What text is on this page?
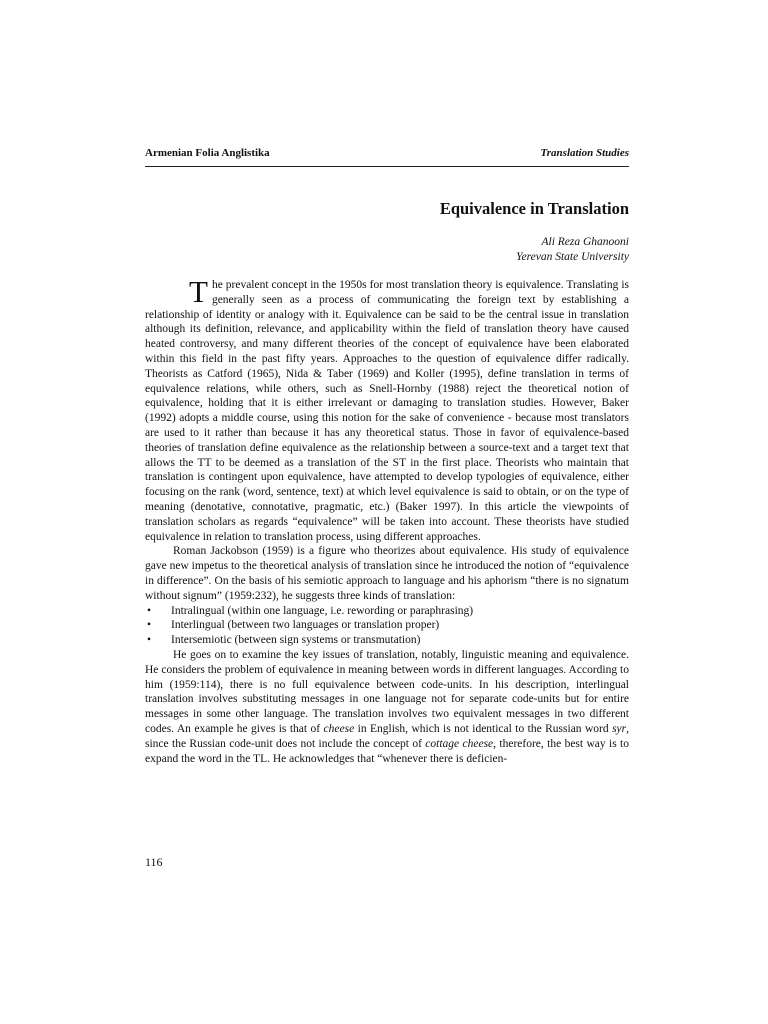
Armenian Folia Anglistika	Translation Studies
Equivalence in Translation
Ali Reza Ghanooni
Yerevan State University

The prevalent concept in the 1950s for most translation theory is equivalence. Translating is generally seen as a process of communicating the foreign text by establishing a relationship of identity or analogy with it. Equivalence can be said to be the central issue in translation although its definition, relevance, and applicability within the field of translation theory have caused heated controversy, and many different theories of the concept of equivalence have been elaborated within this field in the past fifty years. Approaches to the question of equivalence differ radically. Theorists as Catford (1965), Nida & Taber (1969) and Koller (1995), define translation in terms of equivalence relations, while others, such as Snell-Hornby (1988) reject the theoretical notion of equivalence, holding that it is either irrelevant or damaging to translation studies. However, Baker (1992) adopts a middle course, using this notion for the sake of convenience - because most translators are used to it rather than because it has any theoretical status. Those in favor of equivalence-based theories of translation define equivalence as the relationship between a source-text and a target text that allows the TT to be deemed as a translation of the ST in the first place. Theorists who maintain that translation is contingent upon equivalence, have attempted to develop typologies of equivalence, either focusing on the rank (word, sentence, text) at which level equivalence is said to obtain, or on the type of meaning (denotative, connotative, pragmatic, etc.) (Baker 1997). In this article the viewpoints of translation scholars as regards “equivalence” will be taken into account. These theorists have studied equivalence in relation to translation process, using different approaches.

Roman Jackobson (1959) is a figure who theorizes about equivalence. His study of equivalence gave new impetus to the theoretical analysis of translation since he introduced the notion of “equivalence in difference”. On the basis of his semiotic approach to language and his aphorism “there is no signatum without signum” (1959:232), he suggests three kinds of translation:

• Intralingual (within one language, i.e. rewording or paraphrasing)
• Interlingual (between two languages or translation proper)
• Intersemiotic (between sign systems or transmutation)

He goes on to examine the key issues of translation, notably, linguistic meaning and equivalence. He considers the problem of equivalence in meaning between words in different languages. According to him (1959:114), there is no full equivalence between code-units. In his description, interlingual translation involves substituting messages in one language not for separate code-units but for entire messages in some other language. The translation involves two equivalent messages in two different codes. An example he gives is that of cheese in English, which is not identical to the Russian word syr, since the Russian code-unit does not include the concept of cottage cheese, therefore, the best way is to expand the word in the TL. He acknowledges that “whenever there is deficien-

116
